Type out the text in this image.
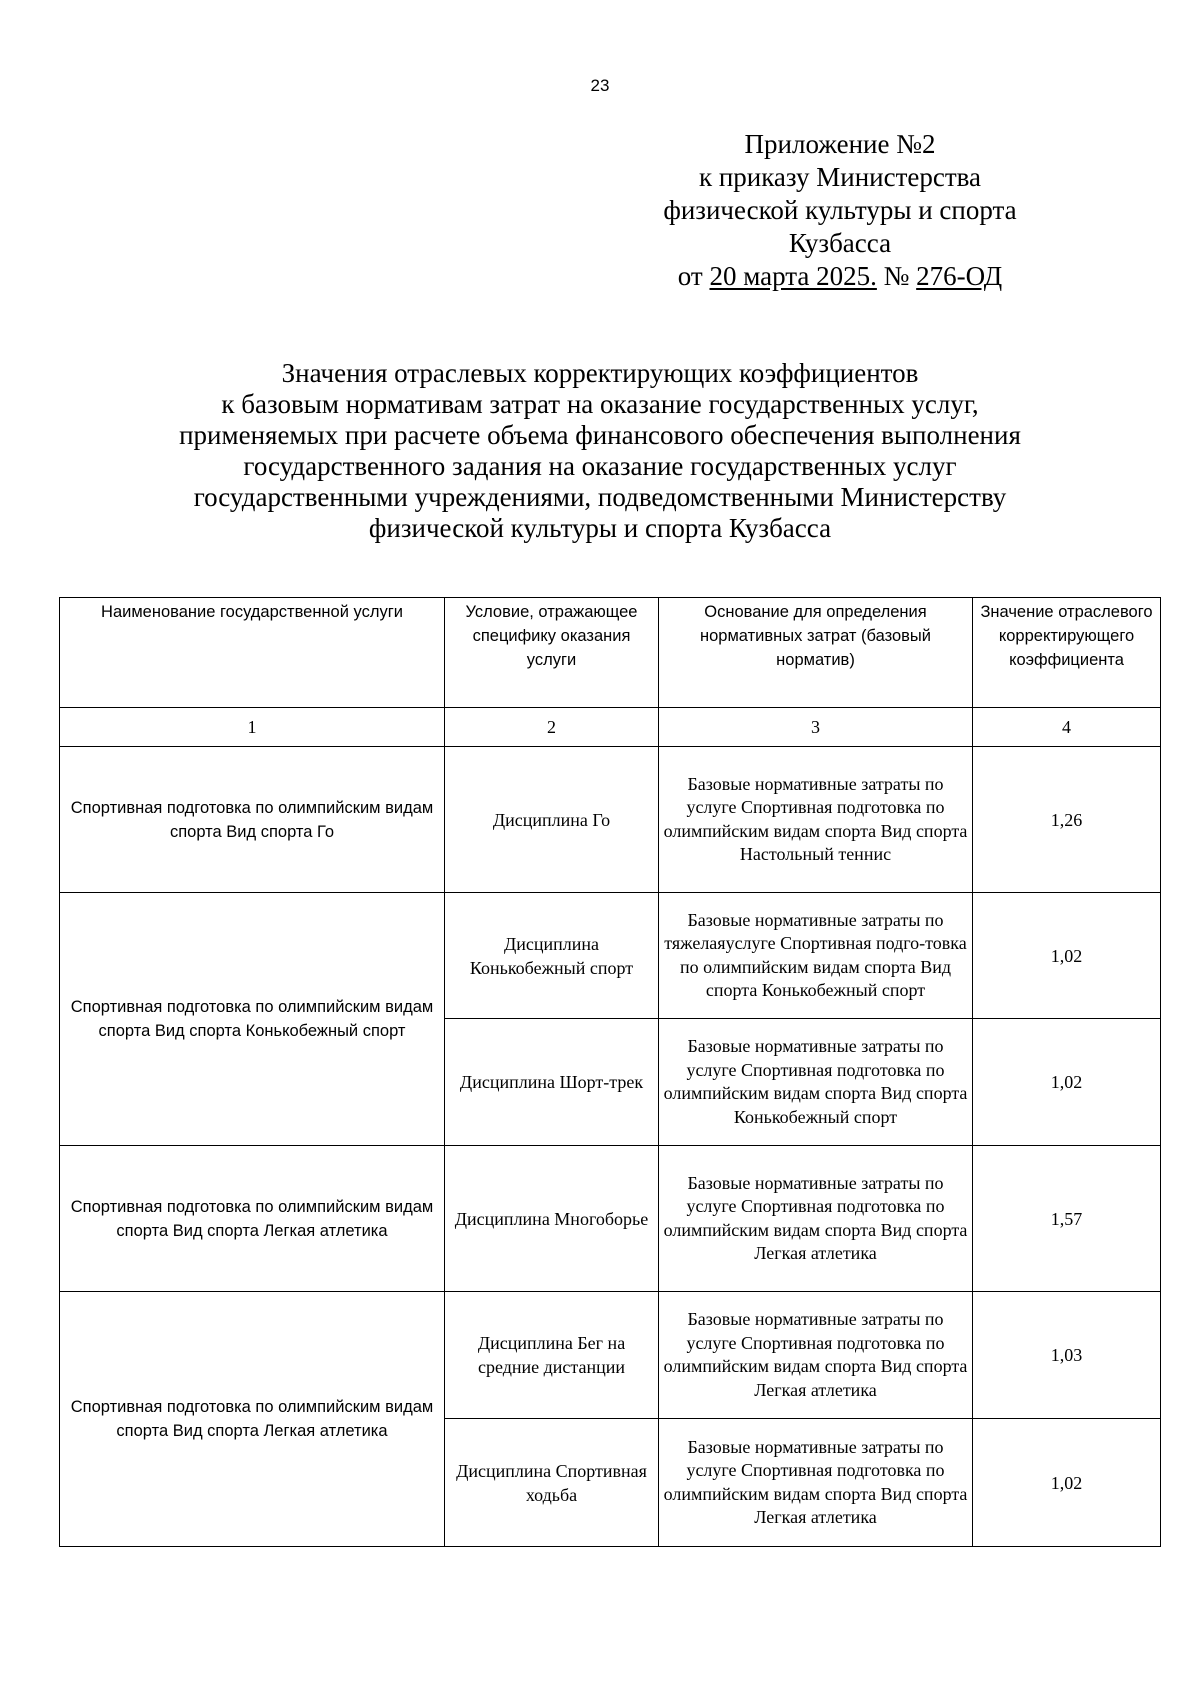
23
Приложение №2
к приказу Министерства
физической культуры и спорта
Кузбасса
от 20 марта 2025. № 276-ОД
Значения отраслевых корректирующих коэффициентов
к базовым нормативам затрат на оказание государственных услуг,
применяемых при расчете объема финансового обеспечения выполнения
государственного задания на оказание государственных услуг
государственными учреждениями, подведомственными Министерству
физической культуры и спорта Кузбасса
Наименование государственной услуги	Условие, отражающее специфику оказания услуги	Основание для определения нормативных затрат (базовый норматив)	Значение отраслевого корректирующего коэффициента
1	2	3	4
Спортивная подготовка по олимпийским видам спорта Вид спорта Го	Дисциплина Го	Базовые нормативные затраты по услуге Спортивная подготовка по олимпийским видам спорта Вид спорта Настольный теннис	1,26
Спортивная подготовка по олимпийским видам спорта Вид спорта Конькобежный спорт	Дисциплина Конькобежный спорт	Базовые нормативные затраты по тяжелаяуслуге Спортивная подго-товка по олимпийским видам спорта Вид спорта Конькобежный спорт	1,02
	Дисциплина Шорт-трек	Базовые нормативные затраты по услуге Спортивная подготовка по олимпийским видам спорта Вид спорта Конькобежный спорт	1,02
Спортивная подготовка по олимпийским видам спорта Вид спорта Легкая атлетика	Дисциплина Многоборье	Базовые нормативные затраты по услуге Спортивная подготовка по олимпийским видам спорта Вид спорта Легкая атлетика	1,57
Спортивная подготовка по олимпийским видам спорта Вид спорта Легкая атлетика	Дисциплина Бег на средние дистанции	Базовые нормативные затраты по услуге Спортивная подготовка по олимпийским видам спорта Вид спорта Легкая атлетика	1,03
	Дисциплина Спортивная ходьба	Базовые нормативные затраты по услуге Спортивная подготовка по олимпийским видам спорта Вид спорта Легкая атлетика	1,02
